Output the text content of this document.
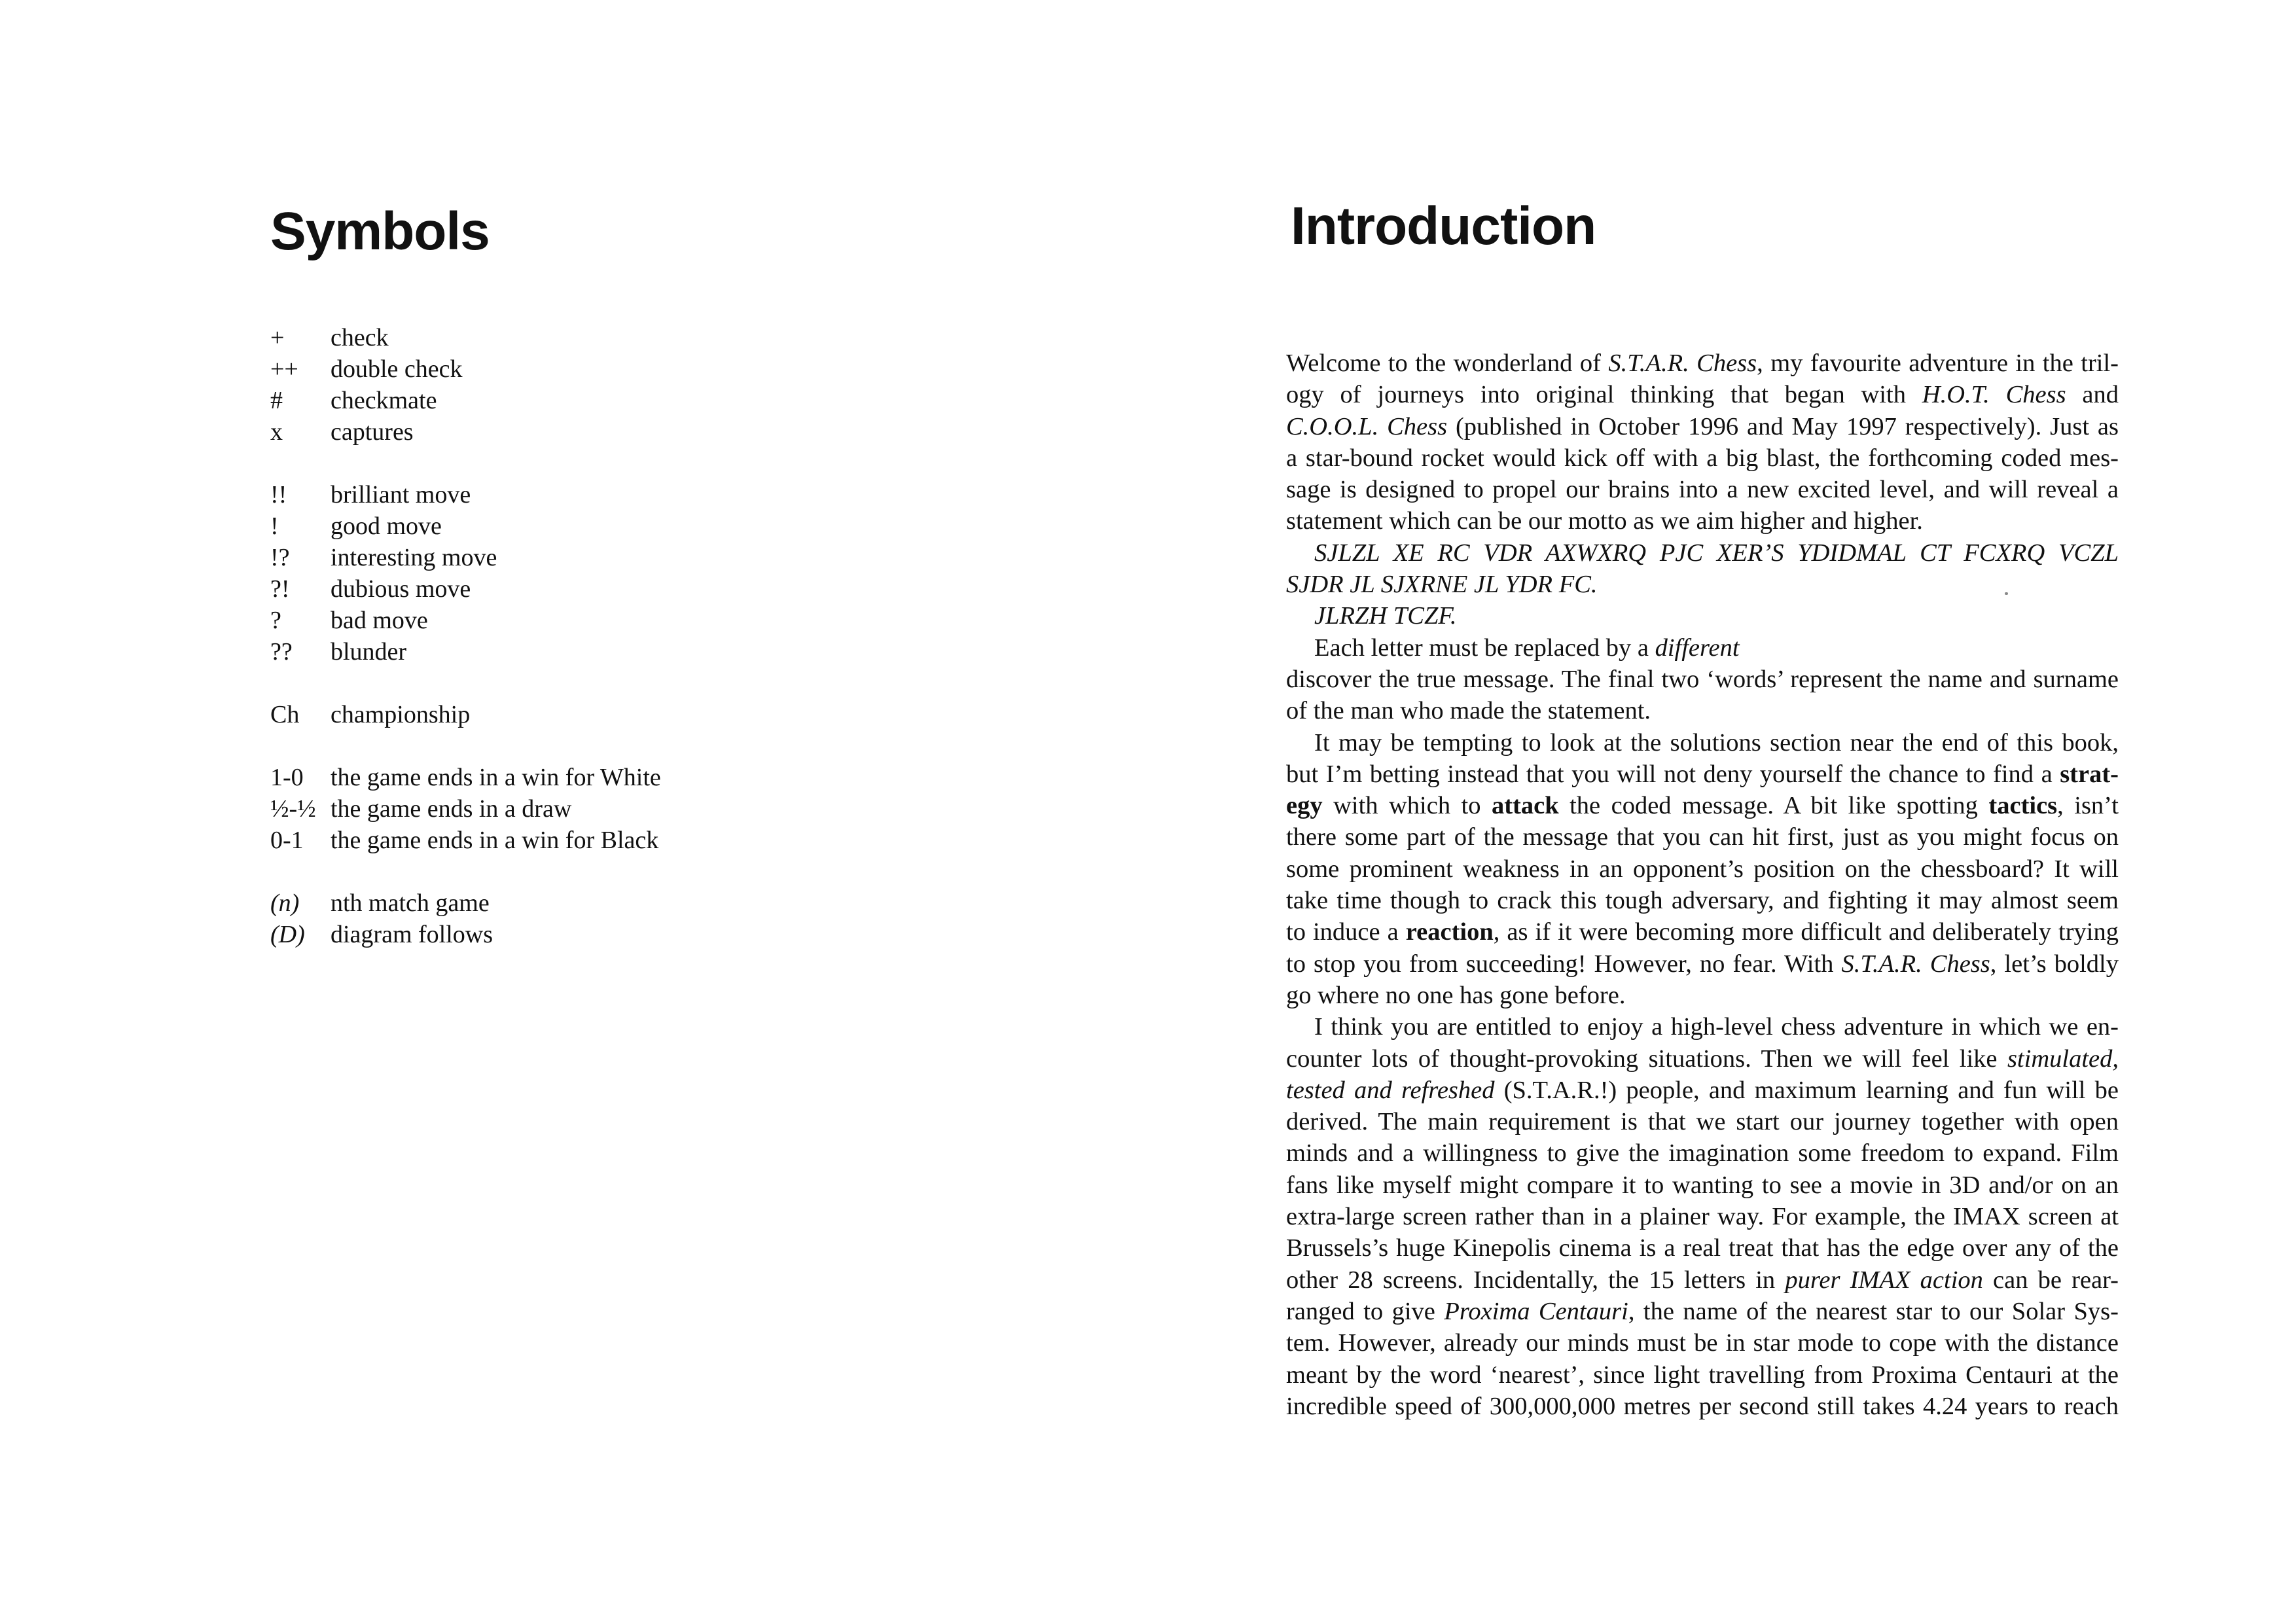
Symbols
+	check
++	double check
#	checkmate
x	captures
!!	brilliant move
!	good move
!?	interesting move
?!	dubious move
?	bad move
??	blunder
Ch	championship
1-0	the game ends in a win for White
½-½ the game ends in a draw
0-1	the game ends in a win for Black
(n)	nth match game
(D)	diagram follows
Introduction
Welcome to the wonderland of S.T.A.R. Chess, my favourite adventure in the tril-
ogy of journeys into original thinking that began with H.O.T. Chess and
C.O.O.L. Chess (published in October 1996 and May 1997 respectively). Just as
a star-bound rocket would kick off with a big blast, the forthcoming coded mes-
sage is designed to propel our brains into a new excited level, and will reveal a
statement which can be our motto as we aim higher and higher.
SJLZL XE RC VDR AXWXRQ PJC XER’S YDIDMAL CT FCXRQ VCZL
SJDR JL SJXRNE JL YDR FC.
JLRZH TCZF.
Each letter must be replaced by a different
discover the true message. The final two ‘words’ represent the name and surname
of the man who made the statement.
It may be tempting to look at the solutions section near the end of this book,
but I’m betting instead that you will not deny yourself the chance to find a strat-
egy with which to attack the coded message. A bit like spotting tactics, isn’t
there some part of the message that you can hit first, just as you might focus on
some prominent weakness in an opponent’s position on the chessboard? It will
take time though to crack this tough adversary, and fighting it may almost seem
to induce a reaction, as if it were becoming more difficult and deliberately trying
to stop you from succeeding! However, no fear. With S.T.A.R. Chess, let’s boldly
go where no one has gone before.
I think you are entitled to enjoy a high-level chess adventure in which we en-
counter lots of thought-provoking situations. Then we will feel like stimulated,
tested and refreshed (S.T.A.R.!) people, and maximum learning and fun will be
derived. The main requirement is that we start our journey together with open
minds and a willingness to give the imagination some freedom to expand. Film
fans like myself might compare it to wanting to see a movie in 3D and/or on an
extra-large screen rather than in a plainer way. For example, the IMAX screen at
Brussels’s huge Kinepolis cinema is a real treat that has the edge over any of the
other 28 screens. Incidentally, the 15 letters in purer IMAX action can be rear-
ranged to give Proxima Centauri, the name of the nearest star to our Solar Sys-
tem. However, already our minds must be in star mode to cope with the distance
meant by the word ‘nearest’, since light travelling from Proxima Centauri at the
incredible speed of 300,000,000 metres per second still takes 4.24 years to reach
